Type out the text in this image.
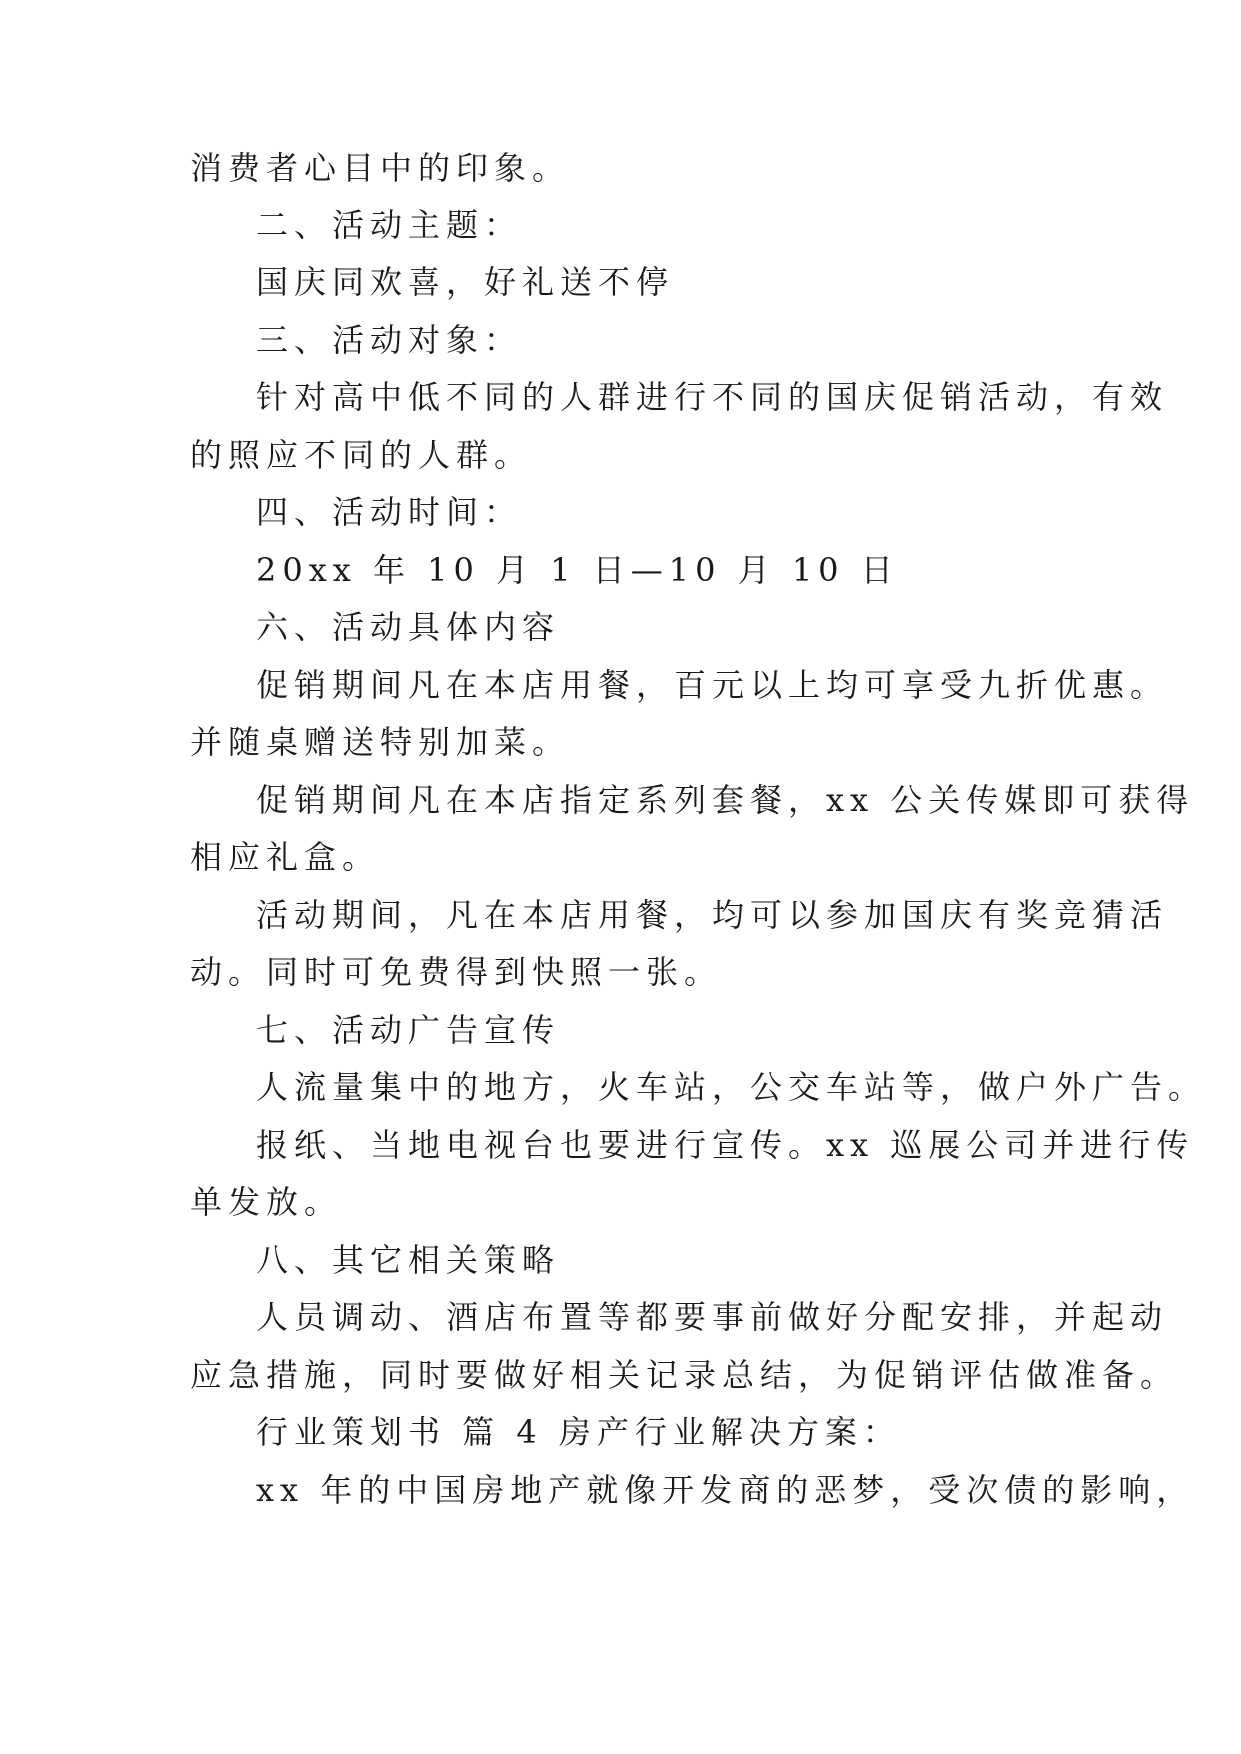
消费者心目中的印象。
二、活动主题：
国庆同欢喜，好礼送不停
三、活动对象：
针对高中低不同的人群进行不同的国庆促销活动，有效
的照应不同的人群。
四、活动时间：
20xx 年 10 月 1 日—10 月 10 日
六、活动具体内容
促销期间凡在本店用餐，百元以上均可享受九折优惠。
并随桌赠送特别加菜。
促销期间凡在本店指定系列套餐，xx 公关传媒即可获得
相应礼盒。
活动期间，凡在本店用餐，均可以参加国庆有奖竞猜活
动。同时可免费得到快照一张。
七、活动广告宣传
人流量集中的地方，火车站，公交车站等，做户外广告。
报纸、当地电视台也要进行宣传。xx 巡展公司并进行传
单发放。
八、其它相关策略
人员调动、酒店布置等都要事前做好分配安排，并起动
应急措施，同时要做好相关记录总结，为促销评估做准备。
行业策划书 篇 4 房产行业解决方案：
xx 年的中国房地产就像开发商的恶梦，受次债的影响，
